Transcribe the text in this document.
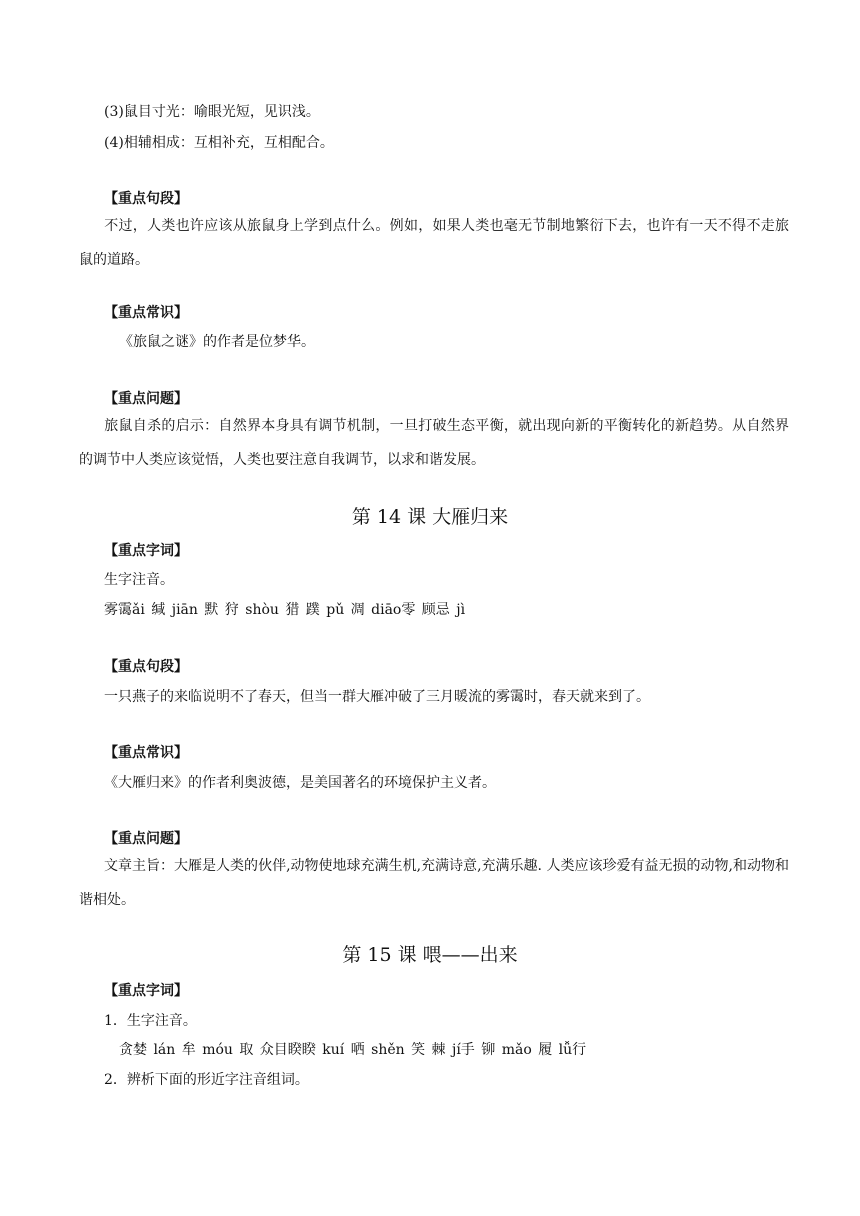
(3)鼠目寸光：喻眼光短，见识浅。

(4)相辅相成：互相补充，互相配合。

【重点句段】

不过，人类也许应该从旅鼠身上学到点什么。例如，如果人类也毫无节制地繁衍下去，也许有一天不得不走旅鼠的道路。

【重点常识】

《旅鼠之谜》的作者是位梦华。

【重点问题】

旅鼠自杀的启示：自然界本身具有调节机制，一旦打破生态平衡，就出现向新的平衡转化的新趋势。从自然界的调节中人类应该觉悟，人类也要注意自我调节，以求和谐发展。

第 14 课 大雁归来

【重点字词】

生字注音。

雾霭ǎi 缄 jiān 默 狩 shòu 猎 蹼 pǔ 凋 diāo零 顾忌 jì

【重点句段】

一只燕子的来临说明不了春天，但当一群大雁冲破了三月暖流的雾霭时，春天就来到了。

【重点常识】

《大雁归来》的作者利奥波德，是美国著名的环境保护主义者。

【重点问题】

文章主旨：大雁是人类的伙伴,动物使地球充满生机,充满诗意,充满乐趣. 人类应该珍爱有益无损的动物,和动物和谐相处。

第 15 课 喂——出来

【重点字词】

1．生字注音。

贪婪 lán 牟 móu 取 众目睽睽 kuí 哂 shěn 笑 棘 jí手 铆 mǎo 履 lǚ行

2．辨析下面的形近字注音组词。
